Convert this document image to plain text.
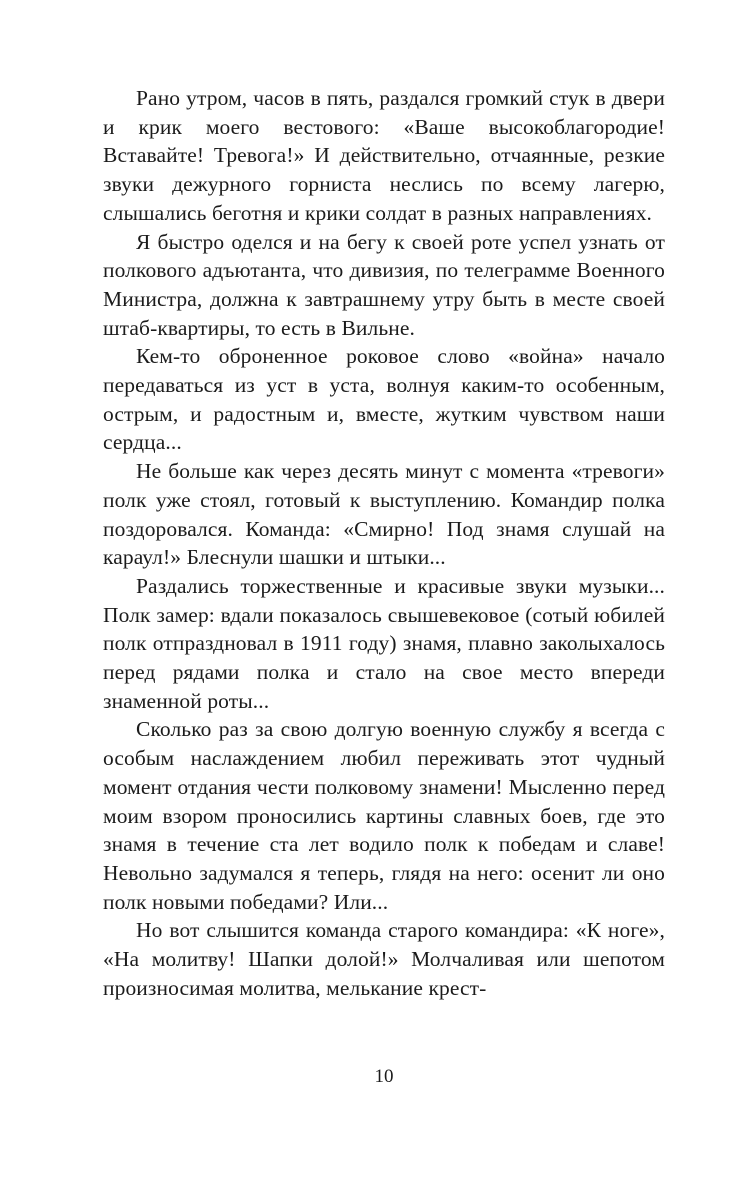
Рано утром, часов в пять, раздался громкий стук в двери и крик моего вестового: «Ваше высокоблагородие! Вставайте! Тревога!» И действительно, отчаянные, резкие звуки дежурного горниста неслись по всему лагерю, слышались беготня и крики солдат в разных направлениях.

Я быстро оделся и на бегу к своей роте успел узнать от полкового адъютанта, что дивизия, по телеграмме Военного Министра, должна к завтрашнему утру быть в месте своей штаб-квартиры, то есть в Вильне.

Кем-то оброненное роковое слово «война» начало передаваться из уст в уста, волнуя каким-то особенным, острым, и радостным и, вместе, жутким чувством наши сердца...

Не больше как через десять минут с момента «тревоги» полк уже стоял, готовый к выступлению. Командир полка поздоровался. Команда: «Смирно! Под знамя слушай на караул!» Блеснули шашки и штыки...

Раздались торжественные и красивые звуки музыки... Полк замер: вдали показалось свышевековое (сотый юбилей полк отпраздновал в 1911 году) знамя, плавно заколыхалось перед рядами полка и стало на свое место впереди знаменной роты...

Сколько раз за свою долгую военную службу я всегда с особым наслаждением любил переживать этот чудный момент отдания чести полковому знамени! Мысленно перед моим взором проносились картины славных боев, где это знамя в течение ста лет водило полк к победам и славе! Невольно задумался я теперь, глядя на него: осенит ли оно полк новыми победами? Или...

Но вот слышится команда старого командира: «К ноге», «На молитву! Шапки долой!» Молчаливая или шепотом произносимая молитва, мелькание крест-

10
